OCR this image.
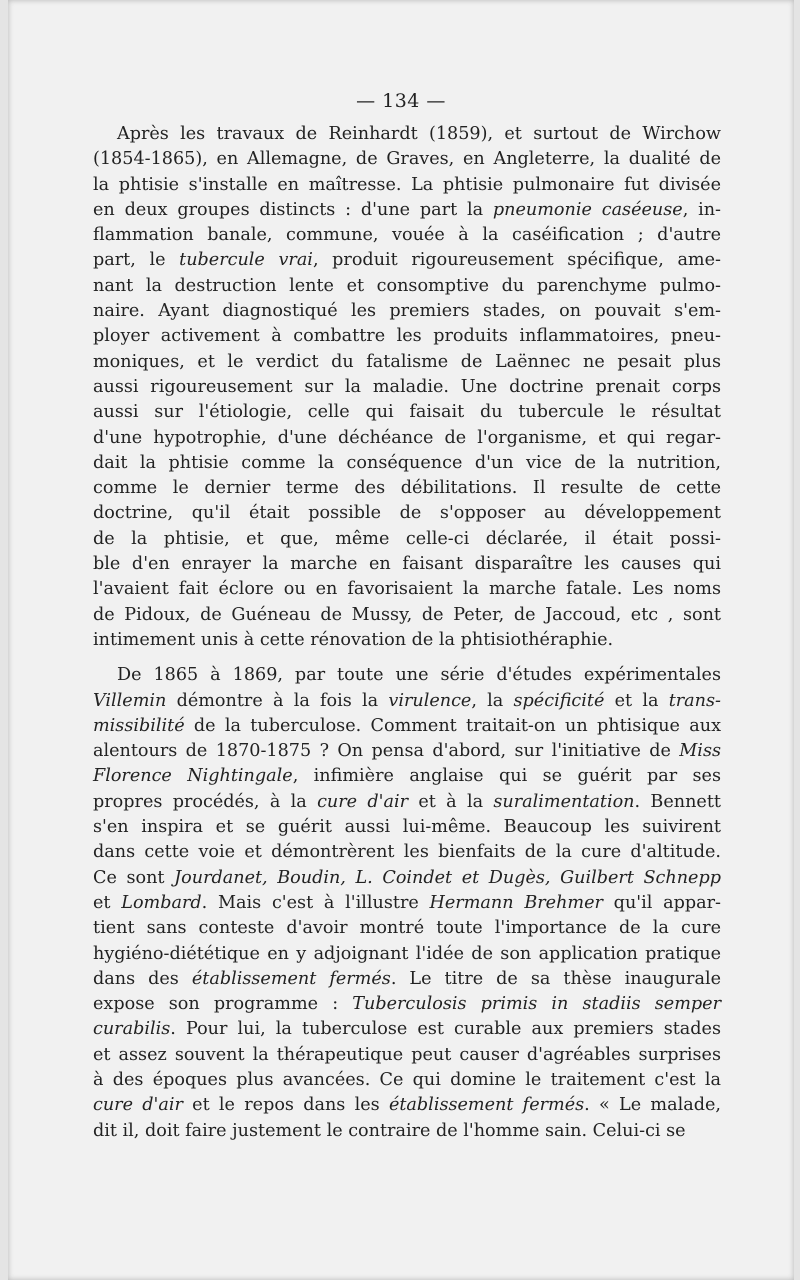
— 134 —

Après les travaux de Reinhardt (1859), et surtout de Wirchow
(1854-1865), en Allemagne, de Graves, en Angleterre, la dualité de
la phtisie s'installe en maîtresse. La phtisie pulmonaire fut divisée
en deux groupes distincts : d'une part la pneumonie caséeuse, in-
flammation banale, commune, vouée à la caséification ; d'autre
part, le tubercule vrai, produit rigoureusement spécifique, ame-
nant la destruction lente et consomptive du parenchyme pulmo-
naire. Ayant diagnostiqué les premiers stades, on pouvait s'em-
ployer activement à combattre les produits inflammatoires, pneu-
moniques, et le verdict du fatalisme de Laënnec ne pesait plus
aussi rigoureusement sur la maladie. Une doctrine prenait corps
aussi sur l'étiologie, celle qui faisait du tubercule le résultat
d'une hypotrophie, d'une déchéance de l'organisme, et qui regar-
dait la phtisie comme la conséquence d'un vice de la nutrition,
comme le dernier terme des débilitations. Il resulte de cette
doctrine, qu'il était possible de s'opposer au développement
de la phtisie, et que, même celle-ci déclarée, il était possi-
ble d'en enrayer la marche en faisant disparaître les causes qui
l'avaient fait éclore ou en favorisaient la marche fatale. Les noms
de Pidoux, de Guéneau de Mussy, de Peter, de Jaccoud, etc , sont
intimement unis à cette rénovation de la phtisiothéraphie.

De 1865 à 1869, par toute une série d'études expérimentales
Villemin démontre à la fois la virulence, la spécificité et la trans-
missibilité de la tuberculose. Comment traitait-on un phtisique aux
alentours de 1870-1875 ? On pensa d'abord, sur l'initiative de Miss
Florence Nightingale, infimière anglaise qui se guérit par ses
propres procédés, à la cure d'air et à la suralimentation. Bennett
s'en inspira et se guérit aussi lui-même. Beaucoup les suivirent
dans cette voie et démontrèrent les bienfaits de la cure d'altitude.
Ce sont Jourdanet, Boudin, L. Coindet et Dugès, Guilbert Schnepp
et Lombard. Mais c'est à l'illustre Hermann Brehmer qu'il appar-
tient sans conteste d'avoir montré toute l'importance de la cure
hygiéno-diététique en y adjoignant l'idée de son application pratique
dans des établissement fermés. Le titre de sa thèse inaugurale
expose son programme : Tuberculosis primis in stadiis semper
curabilis. Pour lui, la tuberculose est curable aux premiers stades
et assez souvent la thérapeutique peut causer d'agréables surprises
à des époques plus avancées. Ce qui domine le traitement c'est la
cure d'air et le repos dans les établissement fermés. « Le malade,
dit il, doit faire justement le contraire de l'homme sain. Celui-ci se
